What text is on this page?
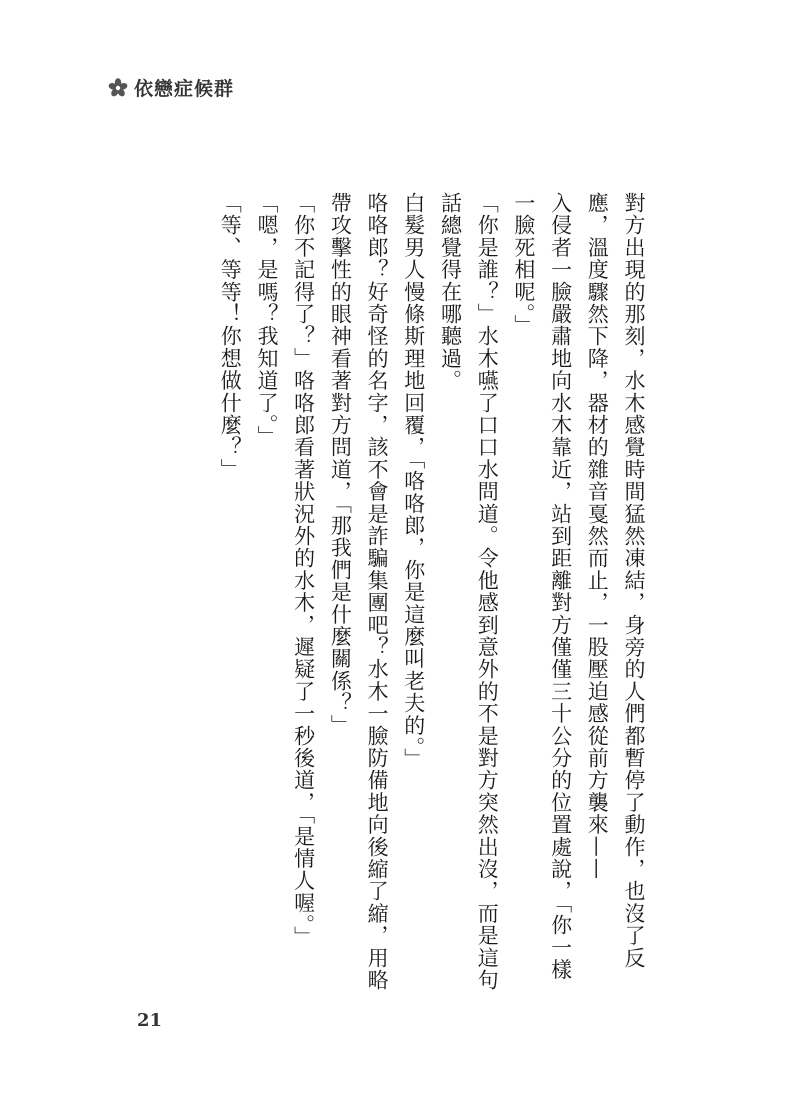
依戀症候群

對方出現的那刻，水木感覺時間猛然凍結，身旁的人們都暫停了動作，也沒了反應，溫度驟然下降，器材的雜音戛然而止，一股壓迫感從前方襲來——

入侵者一臉嚴肅地向水木靠近，站到距離對方僅僅三十公分的位置處說，「你一樣一臉死相呢。」

「你是誰？」水木嚥了口口水問道。令他感到意外的不是對方突然出沒，而是這句話總覺得在哪聽過。

白髮男人慢條斯理地回覆，「咯咯郎，你是這麼叫老夫的。」

咯咯郎？好奇怪的名字，該不會是詐騙集團吧？水木一臉防備地向後縮了縮，用略帶攻擊性的眼神看著對方問道，「那我們是什麼關係？」

「你不記得了？」咯咯郎看著狀況外的水木，遲疑了一秒後道，「是情人喔。」

「嗯，是嗎？我知道了。」

「等、等等！你想做什麼？」

21
